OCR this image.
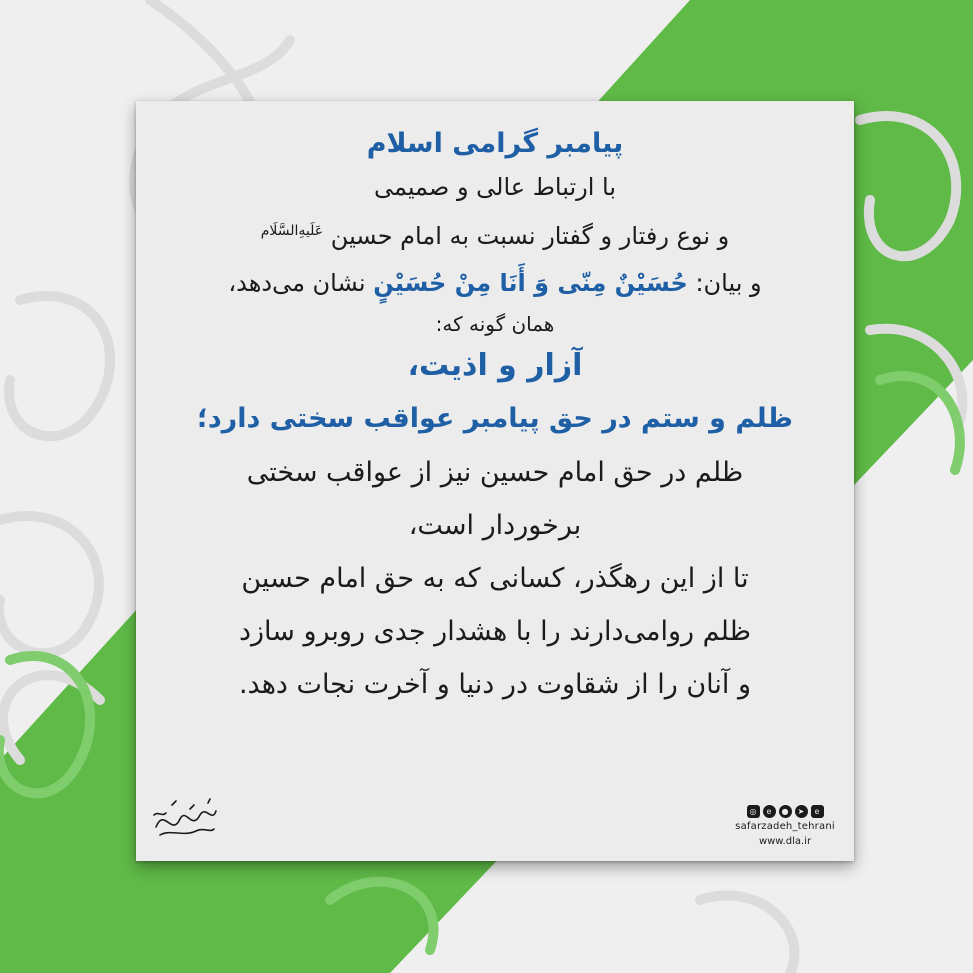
پیامبر گرامی اسلام
با ارتباط عالی و صمیمی
و نوع رفتار و گفتار نسبت به امام حسین $^{عَلَیهِ‌السَّلَام}$
و بیان: حُسَیْنٌ مِنّی وَ أَنَا مِنْ حُسَیْنٍ نشان می‌دهد،
همان گونه که:
آزار و اذیت،
ظلم و ستم در حق پیامبر عواقب سختی دارد؛
ظلم در حق امام حسین نیز از عواقب سختی
برخوردار است،
تا از این رهگذر، کسانی که به حق امام حسین
ظلم روامی‌دارند را با هشدار جدی روبرو سازد
و آنان را از شقاوت در دنیا و آخرت نجات دهد.
◎	e	●	➤	e
safarzadeh_tehrani
www.dla.ir
